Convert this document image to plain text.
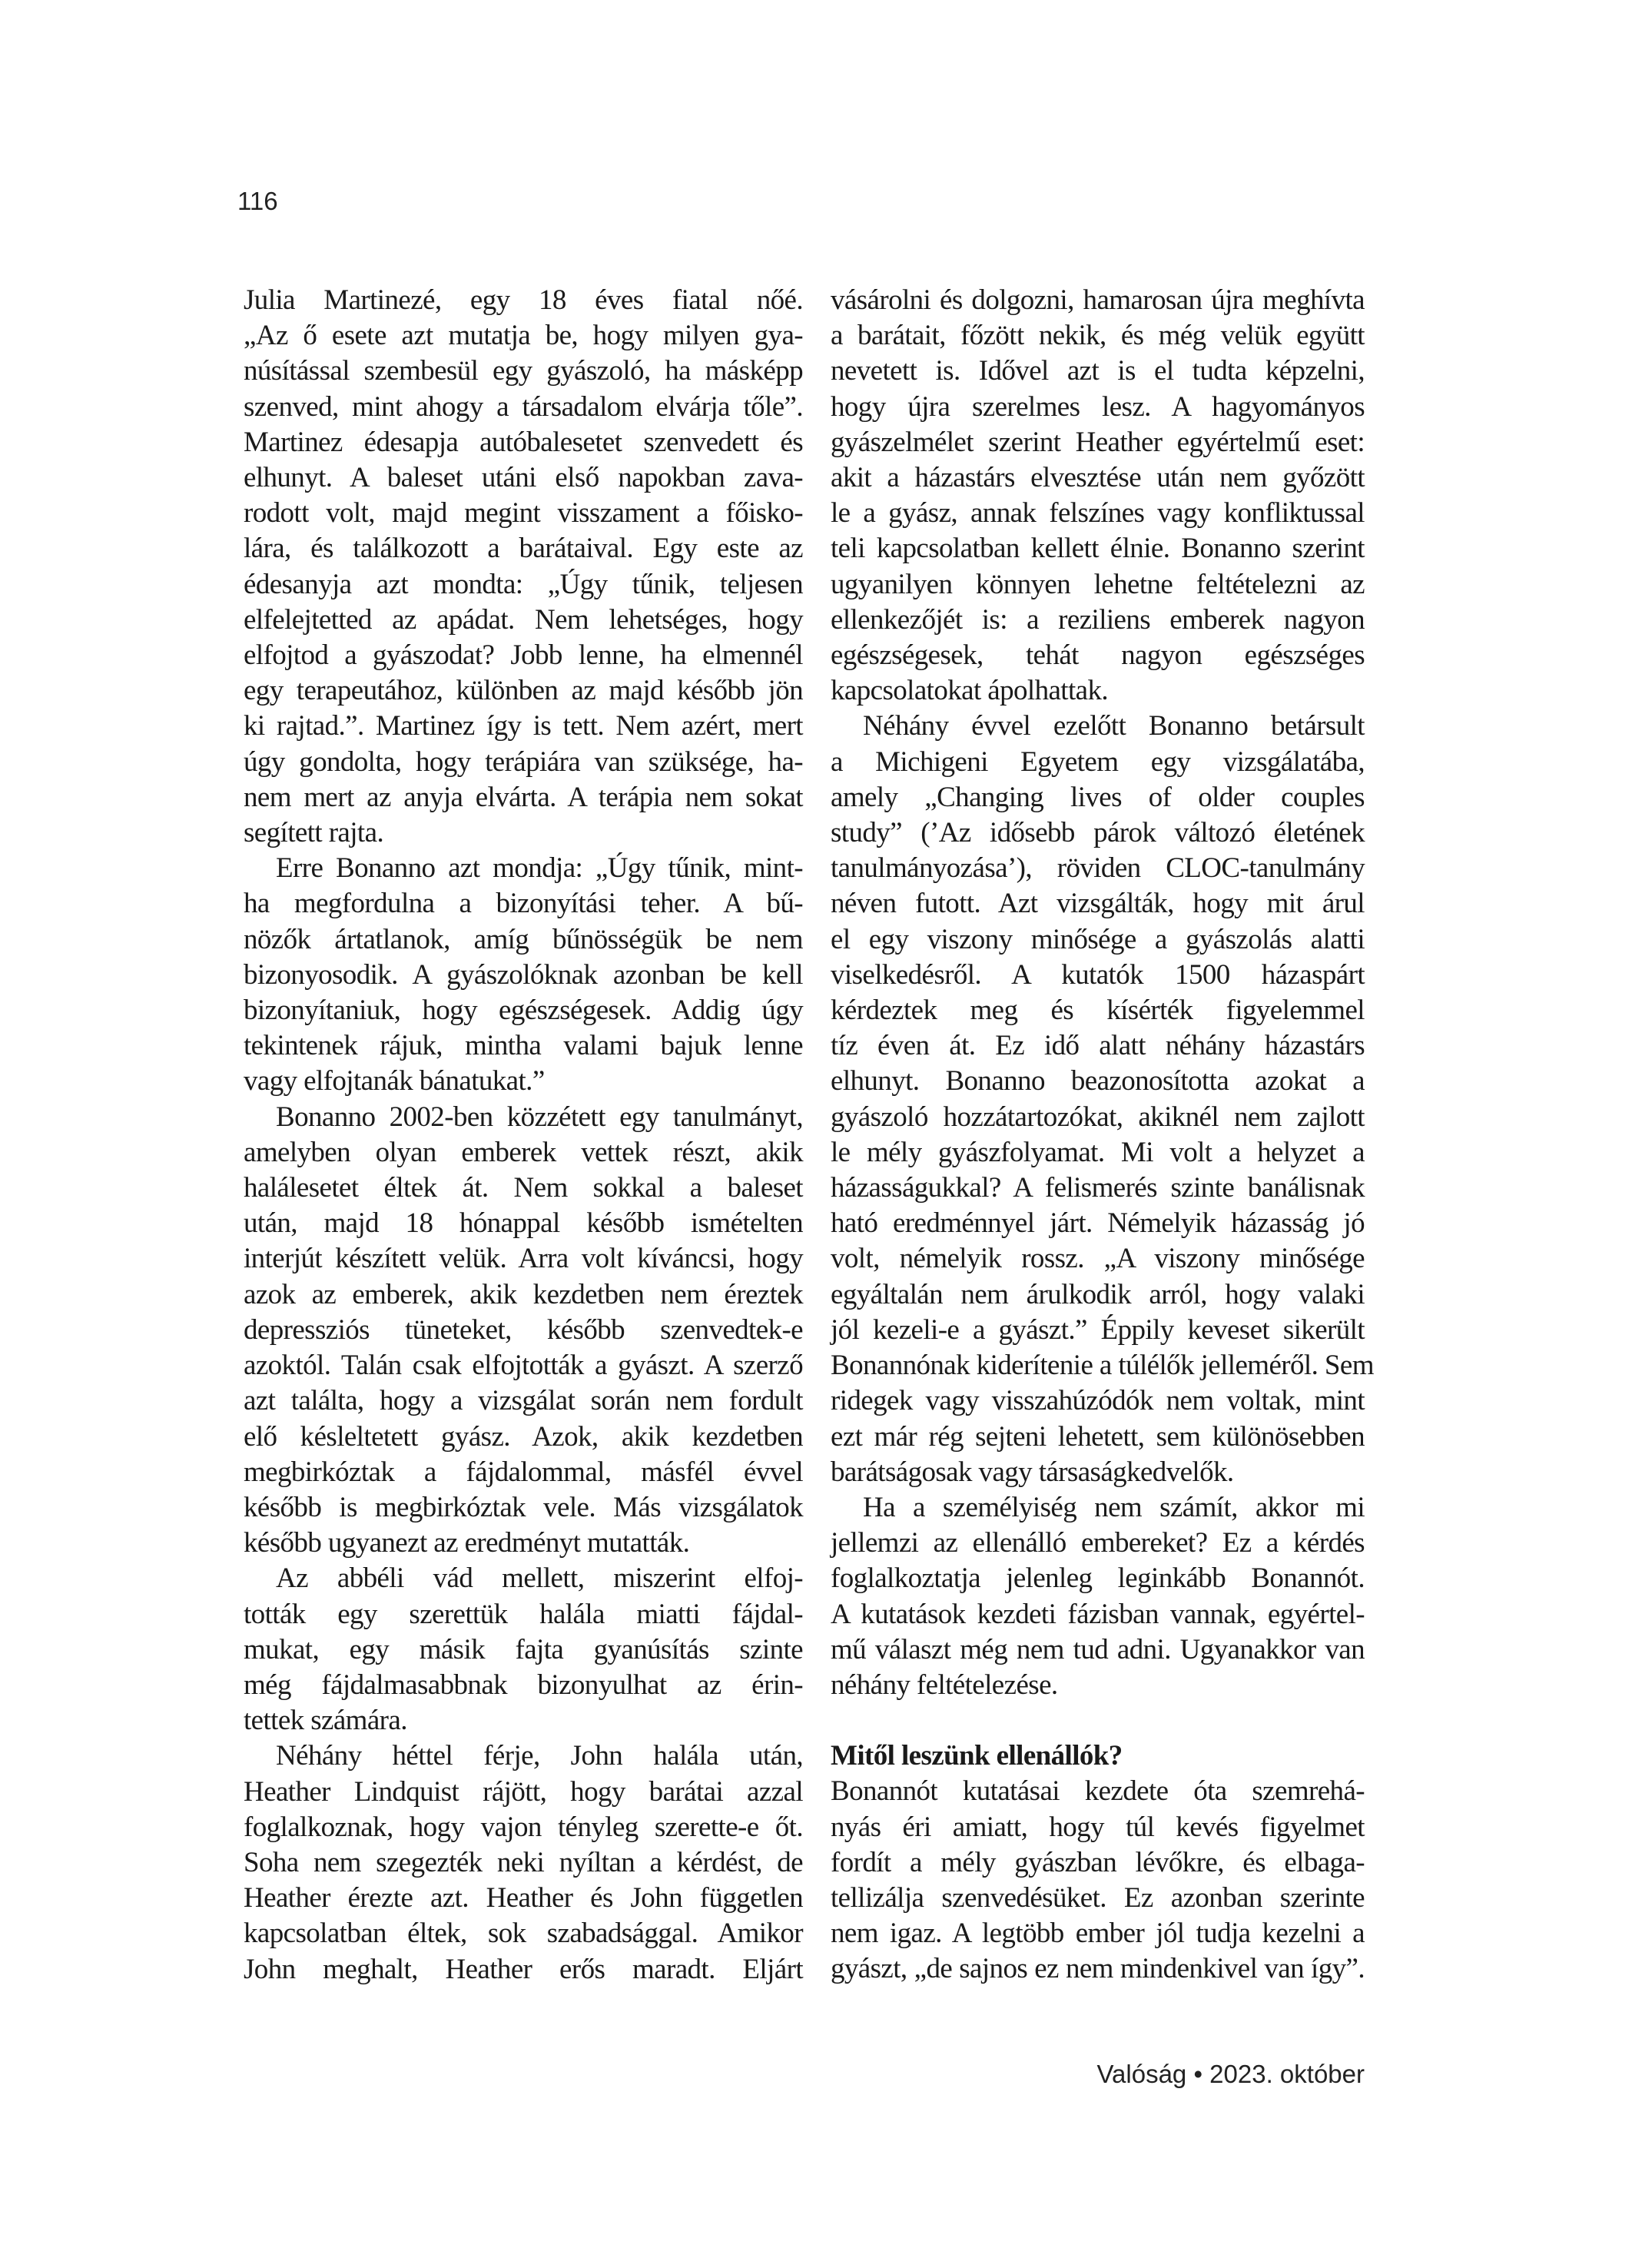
116
Julia Martinezé, egy 18 éves fiatal nőé.
„Az ő esete azt mutatja be, hogy milyen gya-
núsítással szembesül egy gyászoló, ha másképp
szenved, mint ahogy a társadalom elvárja tőle”.
Martinez édesapja autóbalesetet szenvedett és
elhunyt. A baleset utáni első napokban zava-
rodott volt, majd megint visszament a főisko-
lára, és találkozott a barátaival. Egy este az
édesanyja azt mondta: „Úgy tűnik, teljesen
elfelejtetted az apádat. Nem lehetséges, hogy
elfojtod a gyászodat? Jobb lenne, ha elmennél
egy terapeutához, különben az majd később jön
ki rajtad.”. Martinez így is tett. Nem azért, mert
úgy gondolta, hogy terápiára van szüksége, ha-
nem mert az anyja elvárta. A terápia nem sokat
segített rajta.
Erre Bonanno azt mondja: „Úgy tűnik, mint-
ha megfordulna a bizonyítási teher. A bű-
nözők ártatlanok, amíg bűnösségük be nem
bizonyosodik. A gyászolóknak azonban be kell
bizonyítaniuk, hogy egészségesek. Addig úgy
tekintenek rájuk, mintha valami bajuk lenne
vagy elfojtanák bánatukat.”
Bonanno 2002-ben közzétett egy tanulmányt,
amelyben olyan emberek vettek részt, akik
halálesetet éltek át. Nem sokkal a baleset
után, majd 18 hónappal később ismételten
interjút készített velük. Arra volt kíváncsi, hogy
azok az emberek, akik kezdetben nem éreztek
depressziós tüneteket, később szenvedtek-e
azoktól. Talán csak elfojtották a gyászt. A szerző
azt találta, hogy a vizsgálat során nem fordult
elő késleltetett gyász. Azok, akik kezdetben
megbirkóztak a fájdalommal, másfél évvel
később is megbirkóztak vele. Más vizsgálatok
később ugyanezt az eredményt mutatták.
Az abbéli vád mellett, miszerint elfoj-
tották egy szerettük halála miatti fájdal-
mukat, egy másik fajta gyanúsítás szinte
még fájdalmasabbnak bizonyulhat az érin-
tettek számára.
Néhány héttel férje, John halála után,
Heather Lindquist rájött, hogy barátai azzal
foglalkoznak, hogy vajon tényleg szerette-e őt.
Soha nem szegezték neki nyíltan a kérdést, de
Heather érezte azt. Heather és John független
kapcsolatban éltek, sok szabadsággal. Amikor
John meghalt, Heather erős maradt. Eljárt
vásárolni és dolgozni, hamarosan újra meghívta
a barátait, főzött nekik, és még velük együtt
nevetett is. Idővel azt is el tudta képzelni,
hogy újra szerelmes lesz. A hagyományos
gyászelmélet szerint Heather egyértelmű eset:
akit a házastárs elvesztése után nem győzött
le a gyász, annak felszínes vagy konfliktussal
teli kapcsolatban kellett élnie. Bonanno szerint
ugyanilyen könnyen lehetne feltételezni az
ellenkezőjét is: a reziliens emberek nagyon
egészségesek, tehát nagyon egészséges
kapcsolatokat ápolhattak.
Néhány évvel ezelőtt Bonanno betársult
a Michigeni Egyetem egy vizsgálatába,
amely „Changing lives of older couples
study” (’Az idősebb párok változó életének
tanulmányozása’), röviden CLOC-tanulmány
néven futott. Azt vizsgálták, hogy mit árul
el egy viszony minősége a gyászolás alatti
viselkedésről. A kutatók 1500 házaspárt
kérdeztek meg és kísérték figyelemmel
tíz éven át. Ez idő alatt néhány házastárs
elhunyt. Bonanno beazonosította azokat a
gyászoló hozzátartozókat, akiknél nem zajlott
le mély gyászfolyamat. Mi volt a helyzet a
házasságukkal? A felismerés szinte banálisnak
ható eredménnyel járt. Némelyik házasság jó
volt, némelyik rossz. „A viszony minősége
egyáltalán nem árulkodik arról, hogy valaki
jól kezeli-e a gyászt.” Éppily keveset sikerült
Bonannónak kiderítenie a túlélők jelleméről. Sem
ridegek vagy visszahúzódók nem voltak, mint
ezt már rég sejteni lehetett, sem különösebben
barátságosak vagy társaságkedvelők.
Ha a személyiség nem számít, akkor mi
jellemzi az ellenálló embereket? Ez a kérdés
foglalkoztatja jelenleg leginkább Bonannót.
A kutatások kezdeti fázisban vannak, egyértel-
mű választ még nem tud adni. Ugyanakkor van
néhány feltételezése.
Mitől leszünk ellenállók?
Bonannót kutatásai kezdete óta szemrehá-
nyás éri amiatt, hogy túl kevés figyelmet
fordít a mély gyászban lévőkre, és elbaga-
tellizálja szenvedésüket. Ez azonban szerinte
nem igaz. A legtöbb ember jól tudja kezelni a
gyászt, „de sajnos ez nem mindenkivel van így”.
Valóság • 2023. október
